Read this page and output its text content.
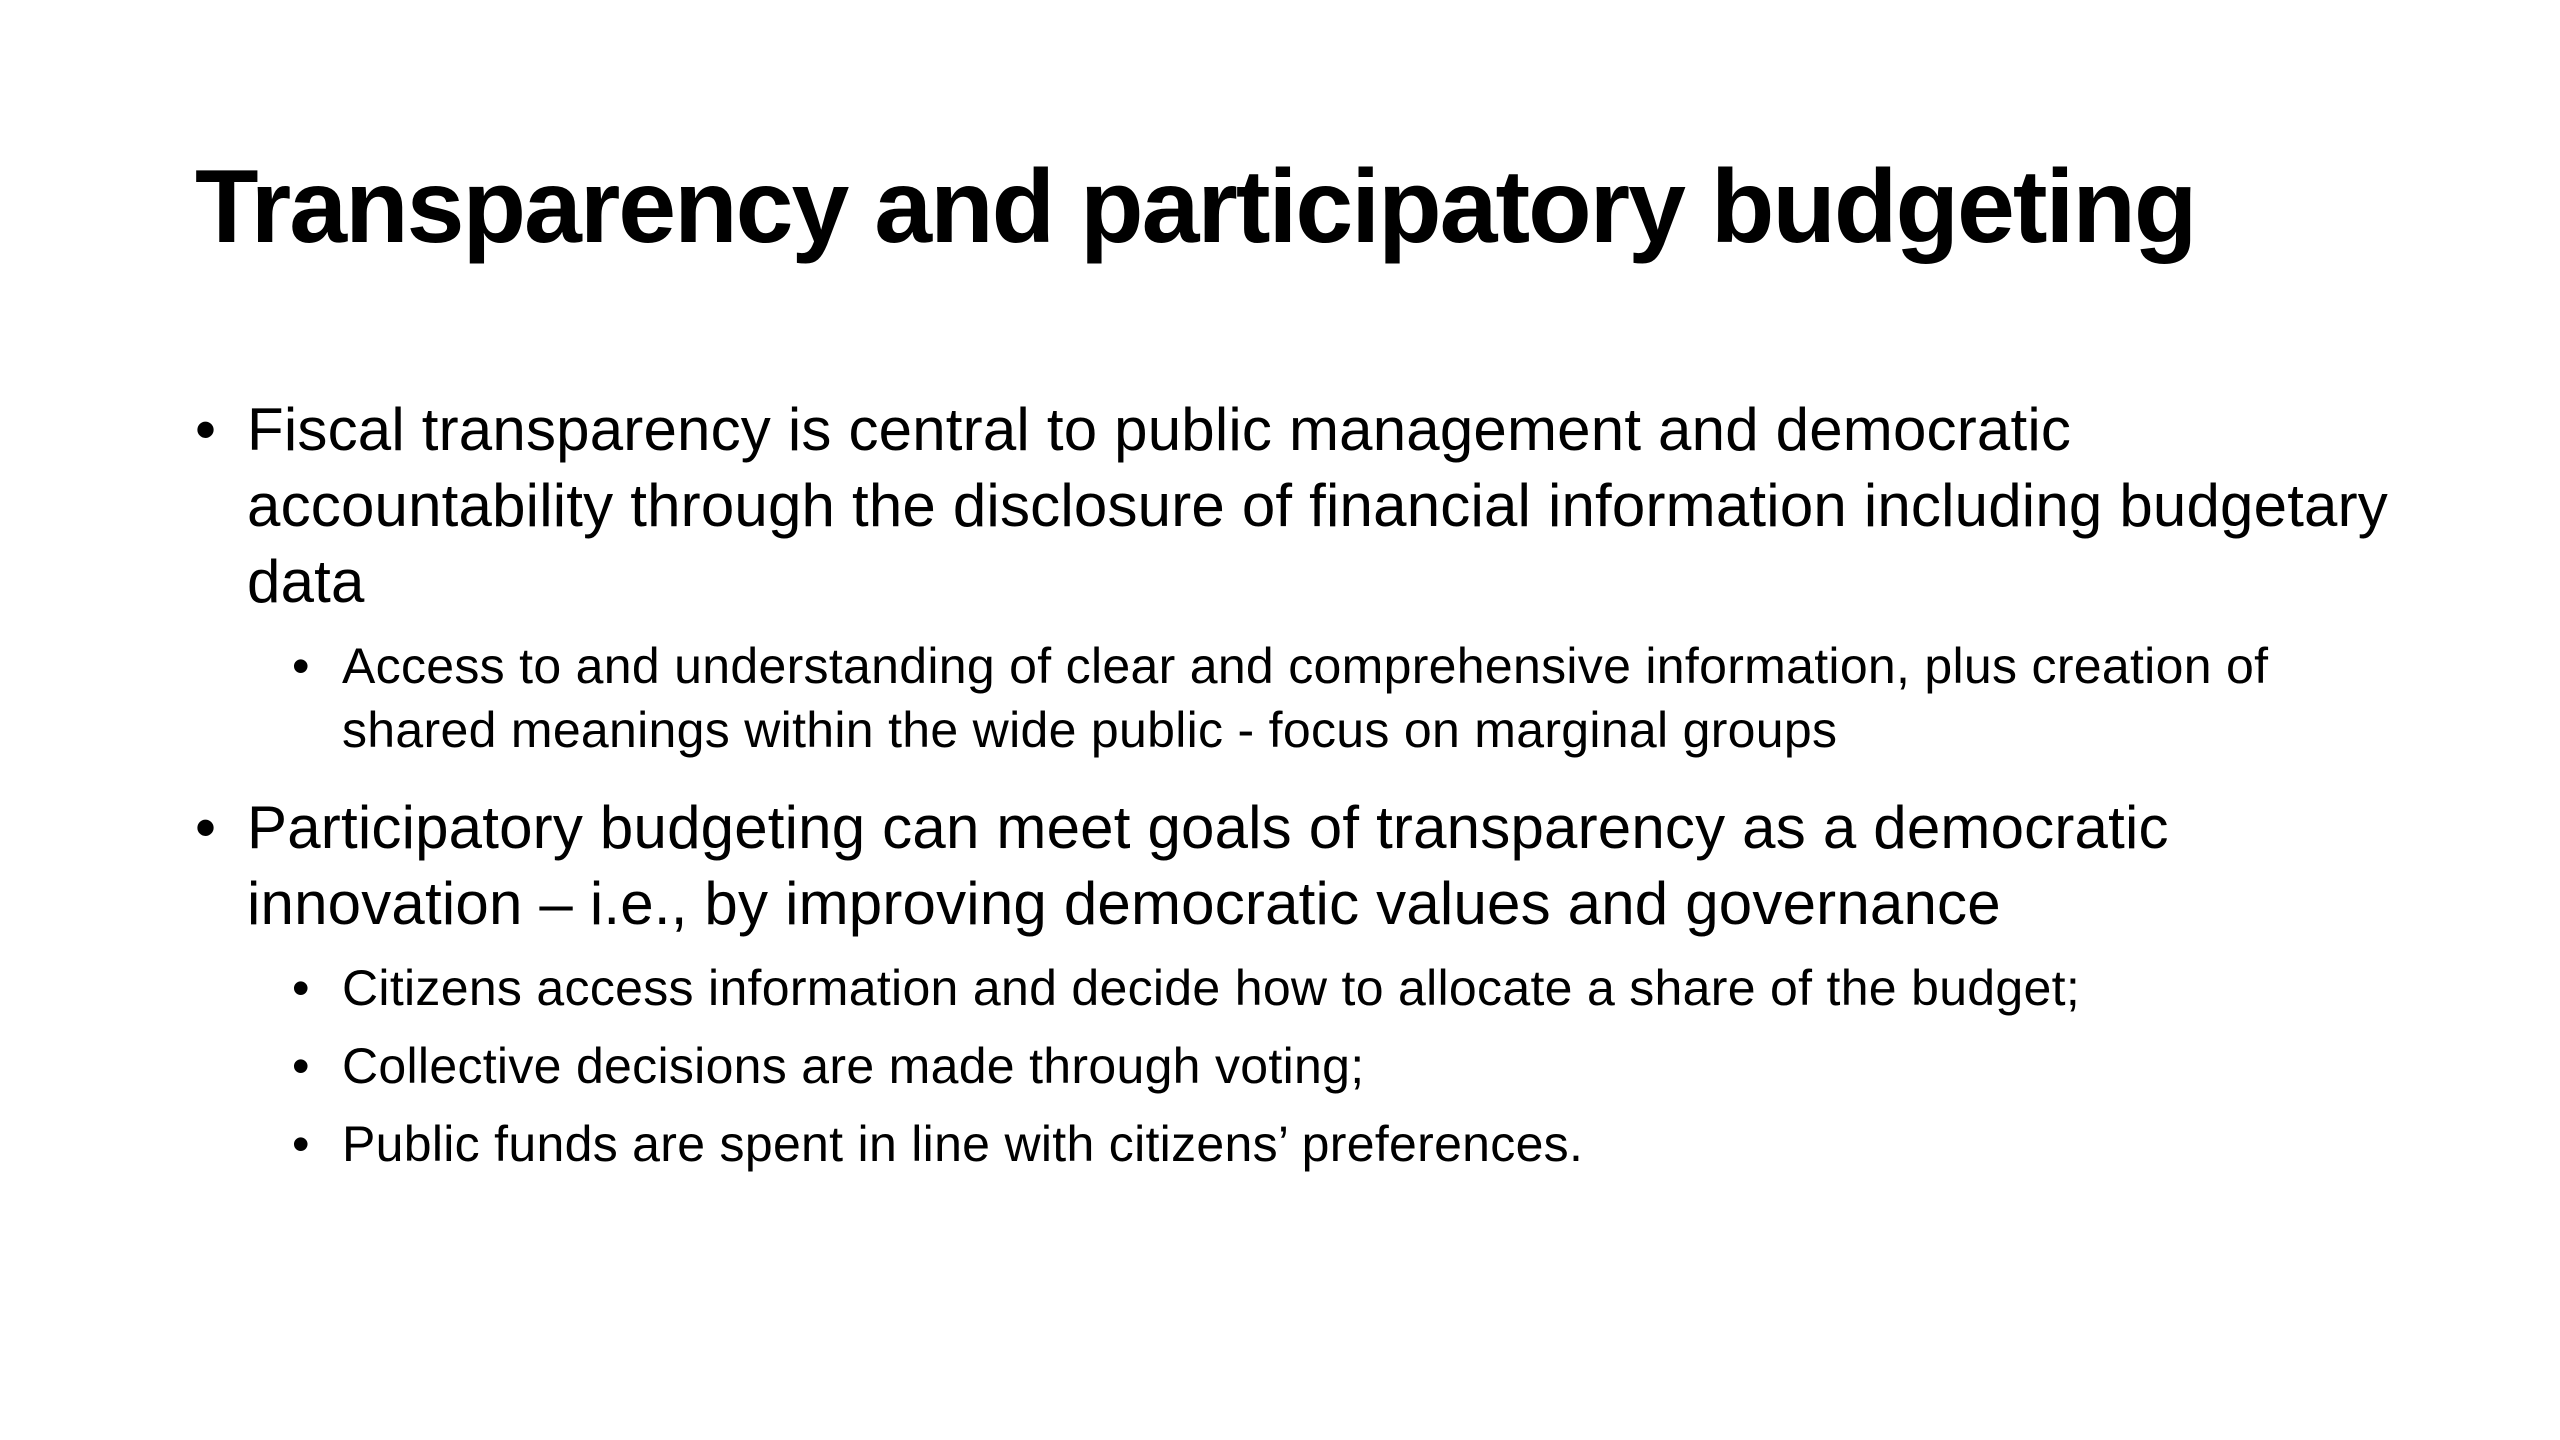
Transparency and participatory budgeting
• Fiscal transparency is central to public management and democratic accountability through the disclosure of financial information including budgetary data
• Access to and understanding of clear and comprehensive information, plus creation of shared meanings within the wide public - focus on marginal groups
• Participatory budgeting can meet goals of transparency as a democratic innovation – i.e., by improving democratic values and governance
• Citizens access information and decide how to allocate a share of the budget;
• Collective decisions are made through voting;
• Public funds are spent in line with citizens’ preferences.
